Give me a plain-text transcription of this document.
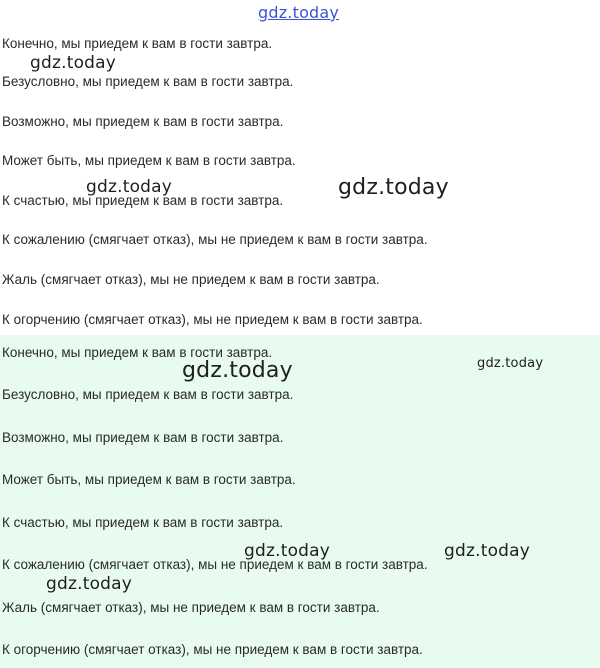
Конечно, мы приедем к вам в гости завтра.
Безусловно, мы приедем к вам в гости завтра.
Возможно, мы приедем к вам в гости завтра.
Может быть, мы приедем к вам в гости завтра.
К счастью, мы приедем к вам в гости завтра.
К сожалению (смягчает отказ), мы не приедем к вам в гости завтра.
Жаль (смягчает отказ), мы не приедем к вам в гости завтра.
К огорчению (смягчает отказ), мы не приедем к вам в гости завтра.
Конечно, мы приедем к вам в гости завтра.
Безусловно, мы приедем к вам в гости завтра.
Возможно, мы приедем к вам в гости завтра.
Может быть, мы приедем к вам в гости завтра.
К счастью, мы приедем к вам в гости завтра.
К сожалению (смягчает отказ), мы не приедем к вам в гости завтра.
Жаль (смягчает отказ), мы не приедем к вам в гости завтра.
К огорчению (смягчает отказ), мы не приедем к вам в гости завтра.
gdz.today
gdz.today
gdz.today	gdz.today
gdz.today	gdz.today
gdz.today	gdz.today
gdz.today
